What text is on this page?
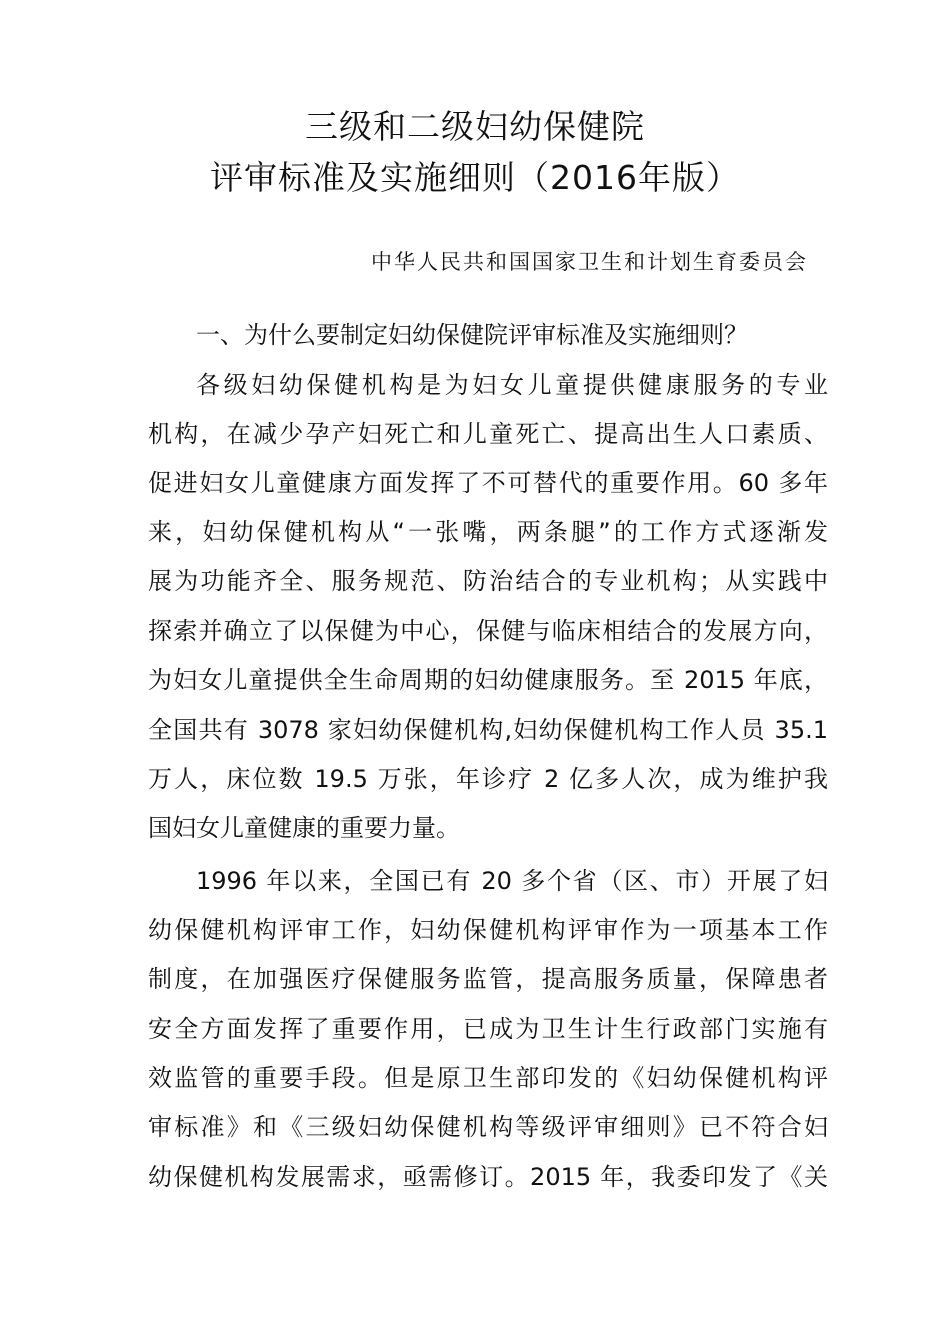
三级和二级妇幼保健院
评审标准及实施细则（2016年版）
中华人民共和国国家卫生和计划生育委员会
一、为什么要制定妇幼保健院评审标准及实施细则？
各级妇幼保健机构是为妇女儿童提供健康服务的专业
机构，在减少孕产妇死亡和儿童死亡、提高出生人口素质、
促进妇女儿童健康方面发挥了不可替代的重要作用。60 多年
来，妇幼保健机构从“一张嘴，两条腿”的工作方式逐渐发
展为功能齐全、服务规范、防治结合的专业机构；从实践中
探索并确立了以保健为中心，保健与临床相结合的发展方向，
为妇女儿童提供全生命周期的妇幼健康服务。至 2015 年底，
全国共有 3078 家妇幼保健机构,妇幼保健机构工作人员 35.1
万人，床位数 19.5 万张，年诊疗 2 亿多人次，成为维护我
国妇女儿童健康的重要力量。
1996 年以来，全国已有 20 多个省（区、市）开展了妇
幼保健机构评审工作，妇幼保健机构评审作为一项基本工作
制度，在加强医疗保健服务监管，提高服务质量，保障患者
安全方面发挥了重要作用，已成为卫生计生行政部门实施有
效监管的重要手段。但是原卫生部印发的《妇幼保健机构评
审标准》和《三级妇幼保健机构等级评审细则》已不符合妇
幼保健机构发展需求，亟需修订。2015 年，我委印发了《关
